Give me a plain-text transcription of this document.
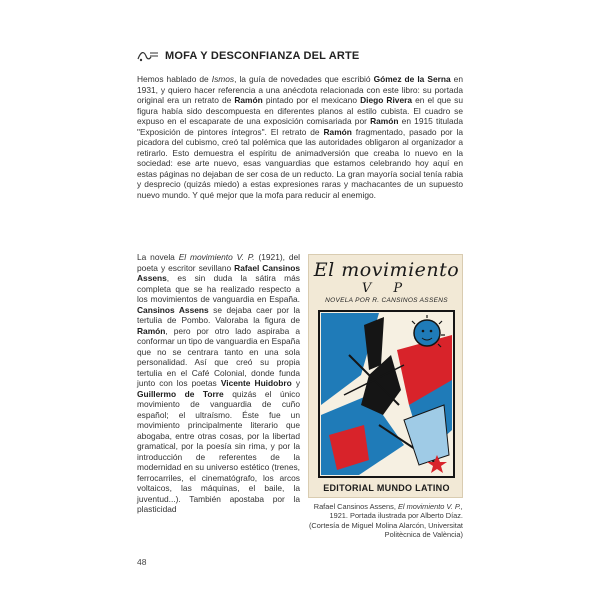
MOFA Y DESCONFIANZA DEL ARTE

Hemos hablado de Ismos, la guía de novedades que escribió Gómez de la Serna en 1931, y quiero hacer referencia a una anécdota relacionada con este libro: su portada original era un retrato de Ramón pintado por el mexicano Diego Rivera en el que su figura había sido descompuesta en diferentes planos al estilo cubista. El cuadro se expuso en el escaparate de una exposición comisariada por Ramón en 1915 titulada "Exposición de pintores íntegros". El retrato de Ramón fragmentado, pasado por la picadora del cubismo, creó tal polémica que las autoridades obligaron al organizador a retirarlo. Esto demuestra el espíritu de animadversión que creaba lo nuevo en la sociedad: ese arte nuevo, esas vanguardias que estamos celebrando hoy aquí en estas páginas no dejaban de ser cosa de un reducto. La gran mayoría social tenía rabia y desprecio (quizás miedo) a estas expresiones raras y machacantes de un supuesto nuevo mundo. Y qué mejor que la mofa para reducir al enemigo.

La novela El movimiento V. P. (1921), del poeta y escritor sevillano Rafael Cansinos Assens, es sin duda la sátira más completa que se ha realizado respecto a los movimientos de vanguardia en España. Cansinos Assens se dejaba caer por la tertulia de Pombo. Valoraba la figura de Ramón, pero por otro lado aspiraba a conformar un tipo de vanguardia en España que no se centrara tanto en una sola personalidad. Así que creó su propia tertulia en el Café Colonial, donde funda junto con los poetas Vicente Huidobro y Guillermo de Torre quizás el único movimiento de vanguardia de cuño español; el ultraísmo. Éste fue un movimiento principalmente literario que abogaba, entre otras cosas, por la libertad gramatical, por la poesía sin rima, y por la introducción de referentes de la modernidad en su universo estético (trenes, ferrocarriles, el cinematógrafo, los arcos voltaicos, las máquinas, el baile, la juventud...). También apostaba por la plasticidad

El movimiento
V P
NOVELA POR R. CANSINOS ASSENS
EDITORIAL MUNDO LATINO
Rafael Cansinos Assens, El movimiento V. P., 1921. Portada ilustrada por Alberto Díaz. (Cortesía de Miguel Molina Alarcón, Universitat Politècnica de València)
48
